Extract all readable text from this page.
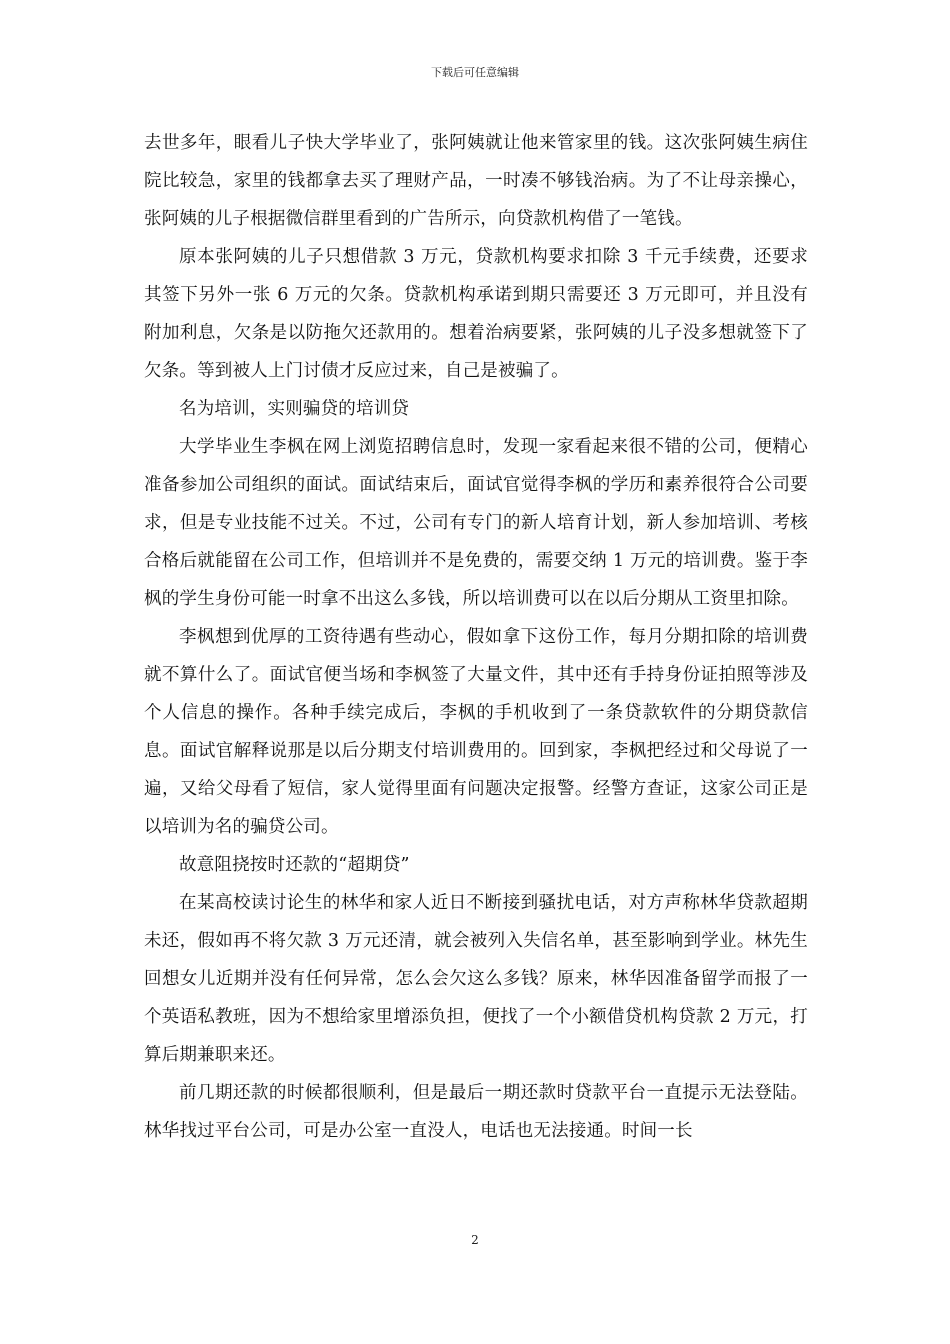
下载后可任意编辑

去世多年，眼看儿子快大学毕业了，张阿姨就让他来管家里的钱。这次张阿姨生病住院比较急，家里的钱都拿去买了理财产品，一时凑不够钱治病。为了不让母亲操心，张阿姨的儿子根据微信群里看到的广告所示，向贷款机构借了一笔钱。

原本张阿姨的儿子只想借款 3 万元，贷款机构要求扣除 3 千元手续费，还要求其签下另外一张 6 万元的欠条。贷款机构承诺到期只需要还 3 万元即可，并且没有附加利息，欠条是以防拖欠还款用的。想着治病要紧，张阿姨的儿子没多想就签下了欠条。等到被人上门讨债才反应过来，自己是被骗了。

名为培训，实则骗贷的培训贷

大学毕业生李枫在网上浏览招聘信息时，发现一家看起来很不错的公司，便精心准备参加公司组织的面试。面试结束后，面试官觉得李枫的学历和素养很符合公司要求，但是专业技能不过关。不过，公司有专门的新人培育计划，新人参加培训、考核合格后就能留在公司工作，但培训并不是免费的，需要交纳 1 万元的培训费。鉴于李枫的学生身份可能一时拿不出这么多钱，所以培训费可以在以后分期从工资里扣除。

李枫想到优厚的工资待遇有些动心，假如拿下这份工作，每月分期扣除的培训费就不算什么了。面试官便当场和李枫签了大量文件，其中还有手持身份证拍照等涉及个人信息的操作。各种手续完成后，李枫的手机收到了一条贷款软件的分期贷款信息。面试官解释说那是以后分期支付培训费用的。回到家，李枫把经过和父母说了一遍，又给父母看了短信，家人觉得里面有问题决定报警。经警方查证，这家公司正是以培训为名的骗贷公司。

故意阻挠按时还款的“超期贷”

在某高校读讨论生的林华和家人近日不断接到骚扰电话，对方声称林华贷款超期未还，假如再不将欠款 3 万元还清，就会被列入失信名单，甚至影响到学业。林先生回想女儿近期并没有任何异常，怎么会欠这么多钱？原来，林华因准备留学而报了一个英语私教班，因为不想给家里增添负担，便找了一个小额借贷机构贷款 2 万元，打算后期兼职来还。

前几期还款的时候都很顺利，但是最后一期还款时贷款平台一直提示无法登陆。林华找过平台公司，可是办公室一直没人，电话也无法接通。时间一长

2
